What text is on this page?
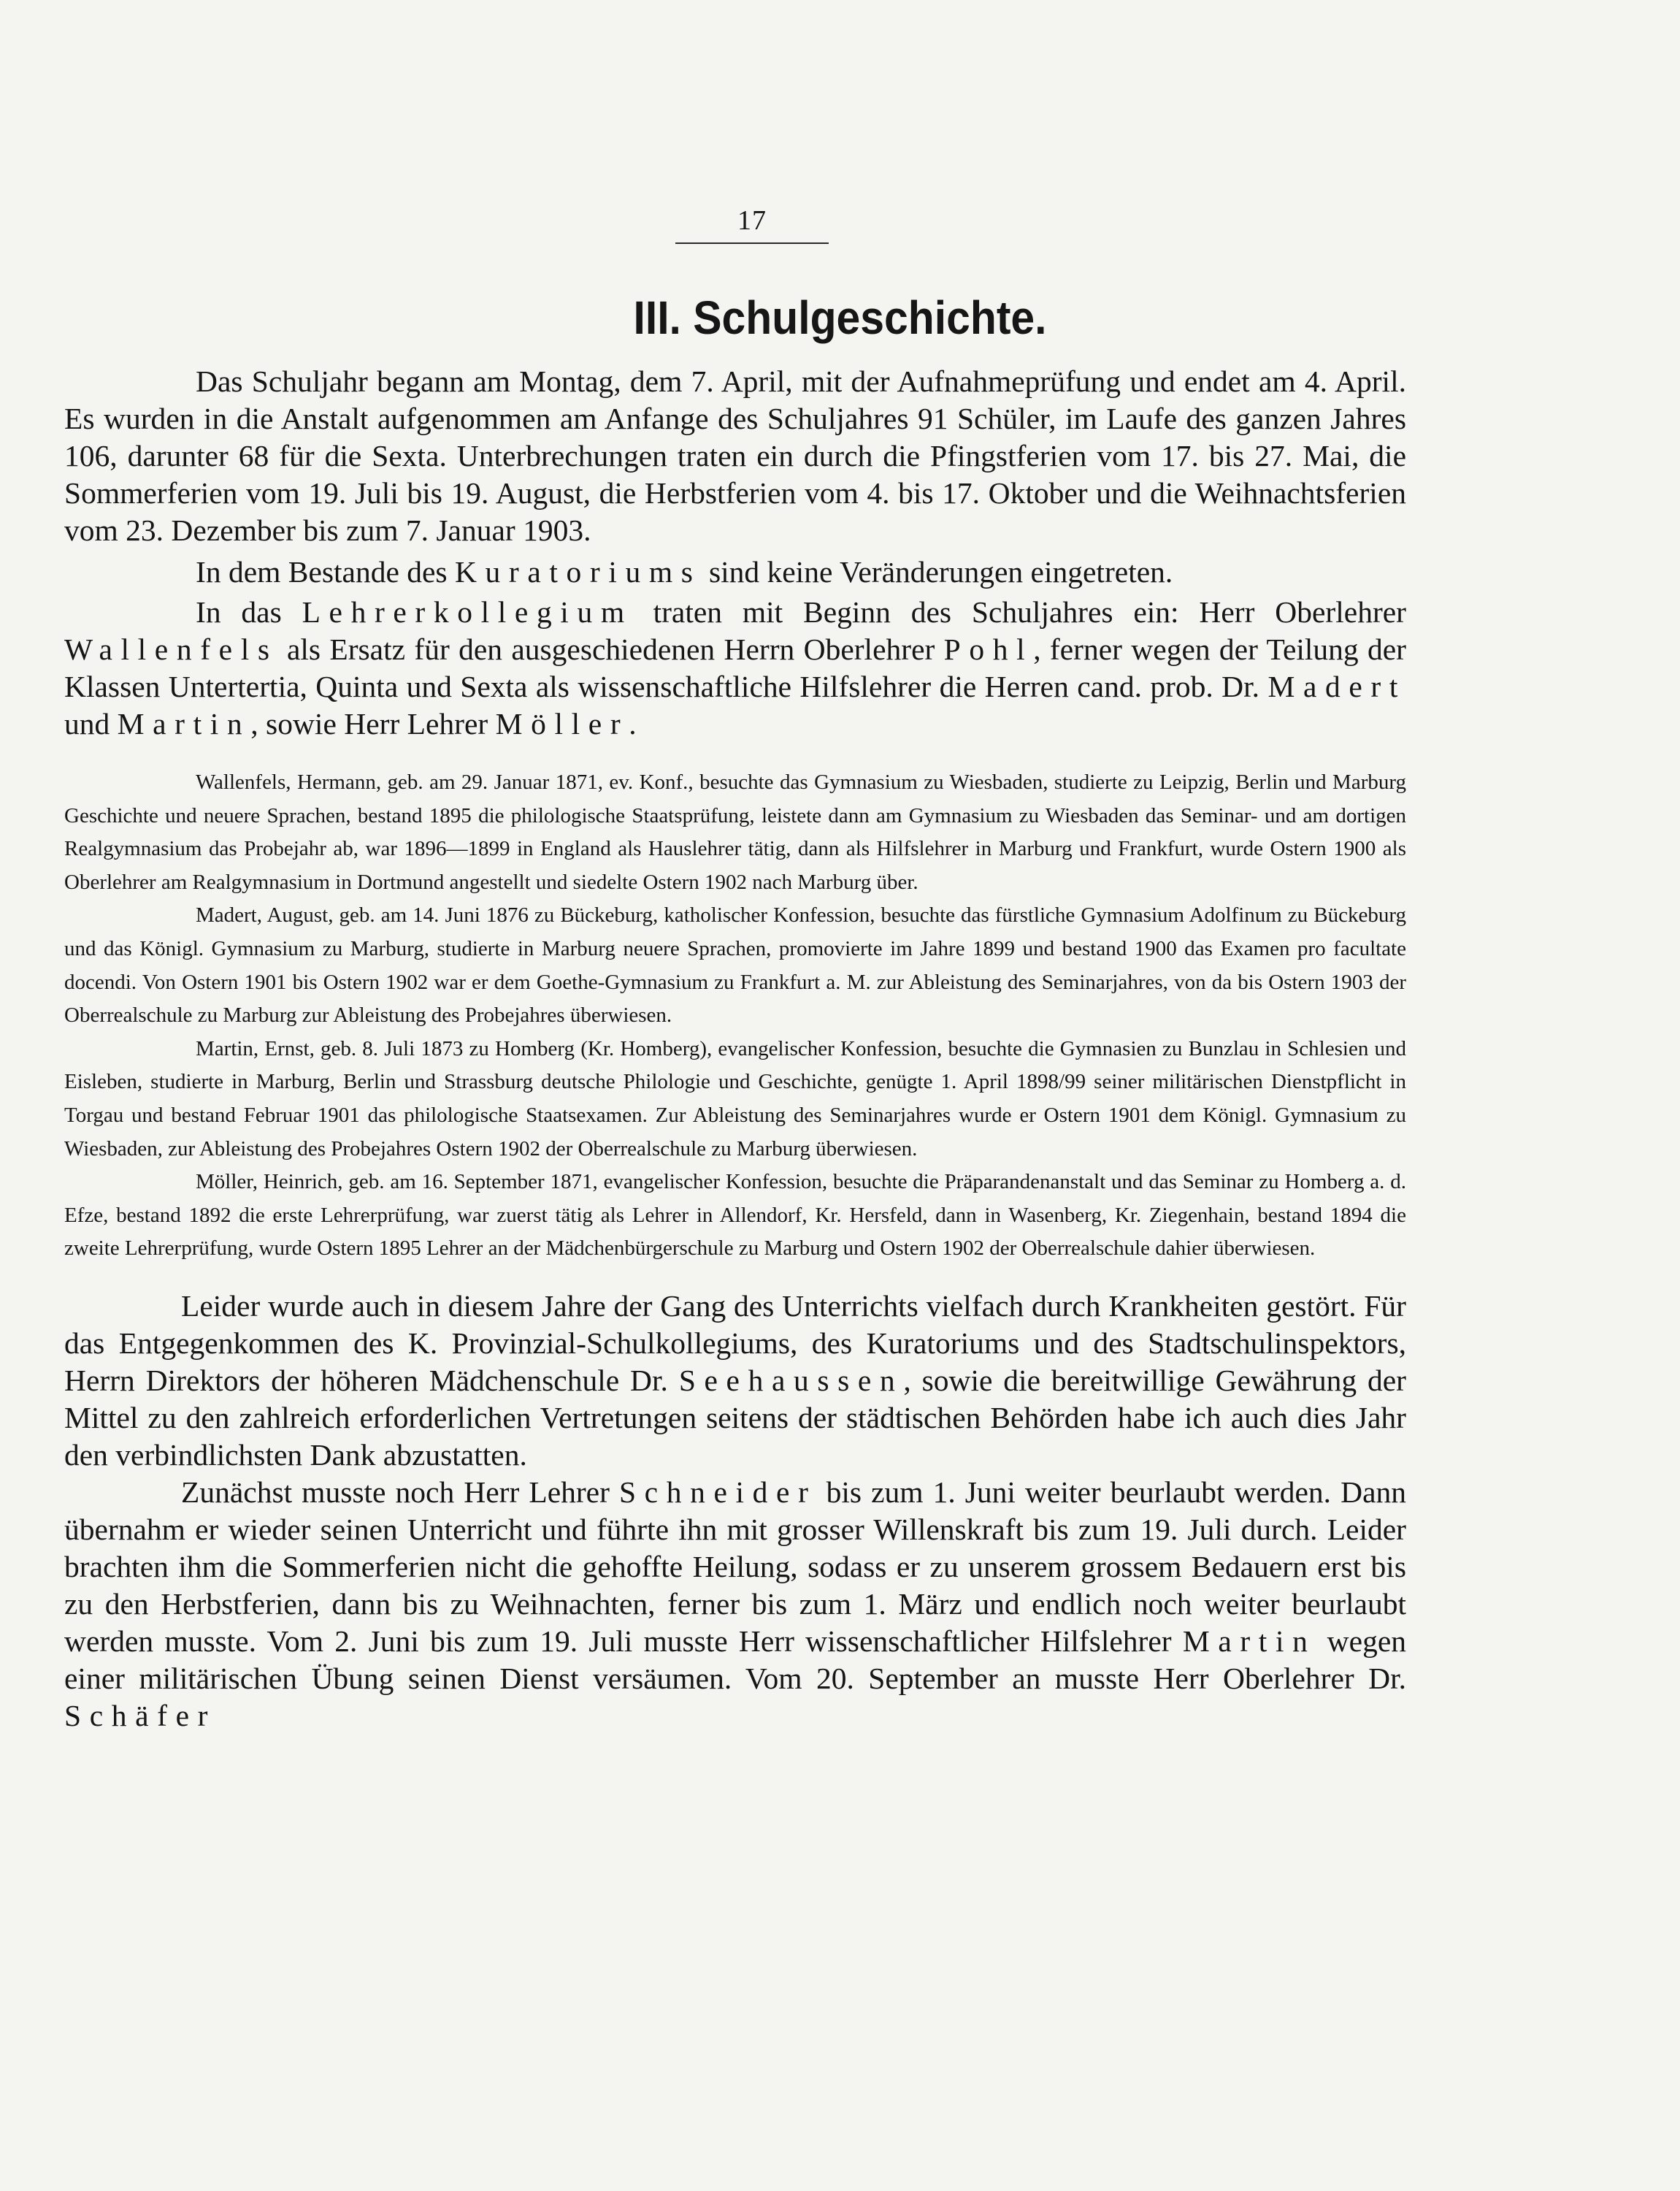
17
III. Schulgeschichte.

Das Schuljahr begann am Montag, dem 7. April, mit der Aufnahmeprüfung und endet am 4. April. Es wurden in die Anstalt aufgenommen am Anfange des Schuljahres 91 Schüler, im Laufe des ganzen Jahres 106, darunter 68 für die Sexta. Unterbrechungen traten ein durch die Pfingstferien vom 17. bis 27. Mai, die Sommerferien vom 19. Juli bis 19. August, die Herbstferien vom 4. bis 17. Oktober und die Weihnachtsferien vom 23. Dezember bis zum 7. Januar 1903.

In dem Bestande des Kuratoriums sind keine Veränderungen eingetreten.

In das Lehrerkollegium traten mit Beginn des Schuljahres ein: Herr Oberlehrer Wallenfels als Ersatz für den ausgeschiedenen Herrn Oberlehrer Pohl, ferner wegen der Teilung der Klassen Untertertia, Quinta und Sexta als wissenschaftliche Hilfslehrer die Herren cand. prob. Dr. Madert und Martin, sowie Herr Lehrer Möller.

Wallenfels, Hermann, geb. am 29. Januar 1871, ev. Konf., besuchte das Gymnasium zu Wiesbaden, studierte zu Leipzig, Berlin und Marburg Geschichte und neuere Sprachen, bestand 1895 die philologische Staatsprüfung, leistete dann am Gymnasium zu Wiesbaden das Seminar- und am dortigen Realgymnasium das Probejahr ab, war 1896—1899 in England als Hauslehrer tätig, dann als Hilfslehrer in Marburg und Frankfurt, wurde Ostern 1900 als Oberlehrer am Realgymnasium in Dortmund angestellt und siedelte Ostern 1902 nach Marburg über.

Madert, August, geb. am 14. Juni 1876 zu Bückeburg, katholischer Konfession, besuchte das fürstliche Gymnasium Adolfinum zu Bückeburg und das Königl. Gymnasium zu Marburg, studierte in Marburg neuere Sprachen, promovierte im Jahre 1899 und bestand 1900 das Examen pro facultate docendi. Von Ostern 1901 bis Ostern 1902 war er dem Goethe-Gymnasium zu Frankfurt a. M. zur Ableistung des Seminarjahres, von da bis Ostern 1903 der Oberrealschule zu Marburg zur Ableistung des Probejahres überwiesen.

Martin, Ernst, geb. 8. Juli 1873 zu Homberg (Kr. Homberg), evangelischer Konfession, besuchte die Gymnasien zu Bunzlau in Schlesien und Eisleben, studierte in Marburg, Berlin und Strassburg deutsche Philologie und Geschichte, genügte 1. April 1898/99 seiner militärischen Dienstpflicht in Torgau und bestand Februar 1901 das philologische Staatsexamen. Zur Ableistung des Seminarjahres wurde er Ostern 1901 dem Königl. Gymnasium zu Wiesbaden, zur Ableistung des Probejahres Ostern 1902 der Oberrealschule zu Marburg überwiesen.

Möller, Heinrich, geb. am 16. September 1871, evangelischer Konfession, besuchte die Präparandenanstalt und das Seminar zu Homberg a. d. Efze, bestand 1892 die erste Lehrerprüfung, war zuerst tätig als Lehrer in Allendorf, Kr. Hersfeld, dann in Wasenberg, Kr. Ziegenhain, bestand 1894 die zweite Lehrerprüfung, wurde Ostern 1895 Lehrer an der Mädchenbürgerschule zu Marburg und Ostern 1902 der Oberrealschule dahier überwiesen.

Leider wurde auch in diesem Jahre der Gang des Unterrichts vielfach durch Krankheiten gestört. Für das Entgegenkommen des K. Provinzial-Schulkollegiums, des Kuratoriums und des Stadtschulinspektors, Herrn Direktors der höheren Mädchenschule Dr. Seehaussen, sowie die bereitwillige Gewährung der Mittel zu den zahlreich erforderlichen Vertretungen seitens der städtischen Behörden habe ich auch dies Jahr den verbindlichsten Dank abzustatten.

Zunächst musste noch Herr Lehrer Schneider bis zum 1. Juni weiter beurlaubt werden. Dann übernahm er wieder seinen Unterricht und führte ihn mit grosser Willenskraft bis zum 19. Juli durch. Leider brachten ihm die Sommerferien nicht die gehoffte Heilung, sodass er zu unserem grossem Bedauern erst bis zu den Herbstferien, dann bis zu Weihnachten, ferner bis zum 1. März und endlich noch weiter beurlaubt werden musste. Vom 2. Juni bis zum 19. Juli musste Herr wissenschaftlicher Hilfslehrer Martin wegen einer militärischen Übung seinen Dienst versäumen. Vom 20. September an musste Herr Oberlehrer Dr. Schäfer
